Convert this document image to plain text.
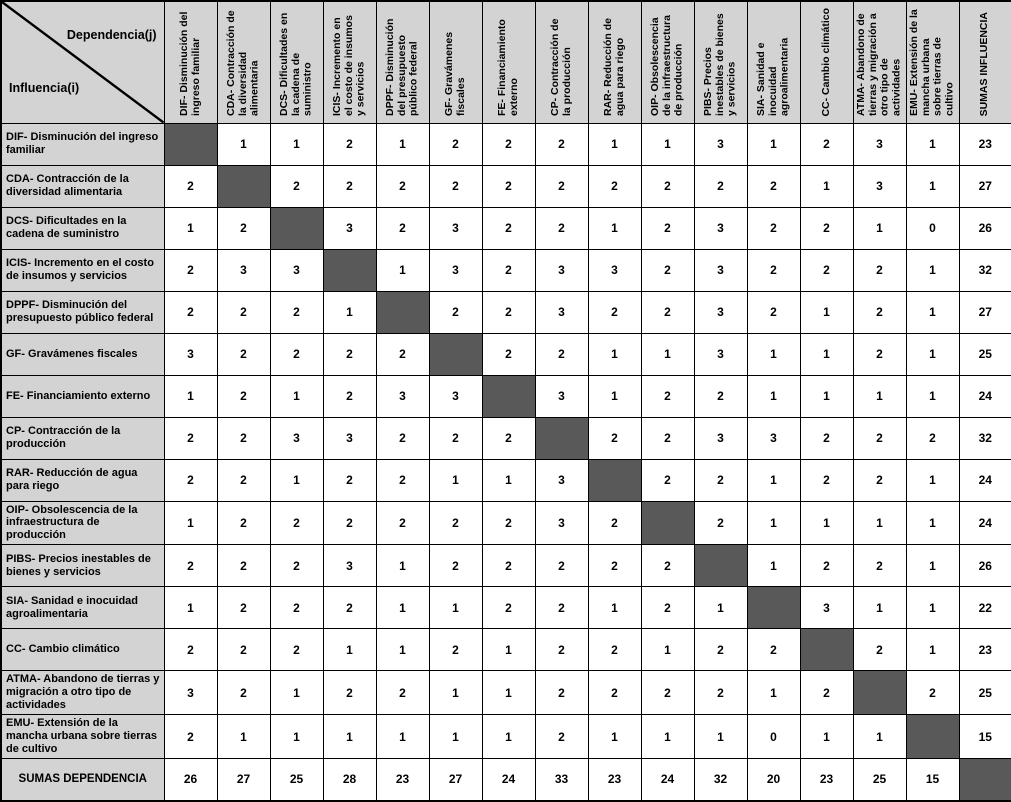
Dependencia(j)
Influencia(i)	DIF- Disminución del ingreso familiar	CDA- Contracción de la diversidad alimentaria	DCS- Dificultades en la cadena de suministro	ICIS- Incremento en el costo de insumos y servicios	DPPF- Disminución del presupuesto público federal	GF- Gravámenes fiscales	FE- Financiamiento externo	CP- Contracción de la producción	RAR- Reducción de agua para riego	OIP- Obsolescencia de la infraestructura de producción	PIBS- Precios inestables de bienes y servicios	SIA- Sanidad e inocuidad agroalimentaria	CC- Cambio climático	ATMA- Abandono de tierras y migración a otro tipo de actividades	EMU- Extensión de la mancha urbana sobre tierras de cultivo	SUMAS INFLUENCIA

DIF- Disminución del ingreso familiar		1	1	2	1	2	2	2	1	1	3	1	2	3	1	23
CDA- Contracción de la diversidad alimentaria	2		2	2	2	2	2	2	2	2	2	2	1	3	1	27
DCS- Dificultades en la cadena de suministro	1	2		3	2	3	2	2	1	2	3	2	2	1	0	26
ICIS- Incremento en el costo de insumos y servicios	2	3	3		1	3	2	3	3	2	3	2	2	2	1	32
DPPF- Disminución del presupuesto público federal	2	2	2	1		2	2	3	2	2	3	2	1	2	1	27
GF- Gravámenes fiscales	3	2	2	2	2		2	2	1	1	3	1	1	2	1	25
FE- Financiamiento externo	1	2	1	2	3	3		3	1	2	2	1	1	1	1	24
CP- Contracción de la producción	2	2	3	3	2	2	2		2	2	3	3	2	2	2	32
RAR- Reducción de agua para riego	2	2	1	2	2	1	1	3		2	2	1	2	2	1	24
OIP- Obsolescencia de la infraestructura de producción	1	2	2	2	2	2	2	3	2		2	1	1	1	1	24
PIBS- Precios inestables de bienes y servicios	2	2	2	3	1	2	2	2	2	2		1	2	2	1	26
SIA- Sanidad e inocuidad agroalimentaria	1	2	2	2	1	1	2	2	1	2	1		3	1	1	22
CC- Cambio climático	2	2	2	1	1	2	1	2	2	1	2	2		2	1	23
ATMA- Abandono de tierras y migración a otro tipo de actividades	3	2	1	2	2	1	1	2	2	2	2	1	2		2	25
EMU- Extensión de la mancha urbana sobre tierras de cultivo	2	1	1	1	1	1	1	2	1	1	1	0	1	1		15
SUMAS DEPENDENCIA	26	27	25	28	23	27	24	33	23	24	32	20	23	25	15	
